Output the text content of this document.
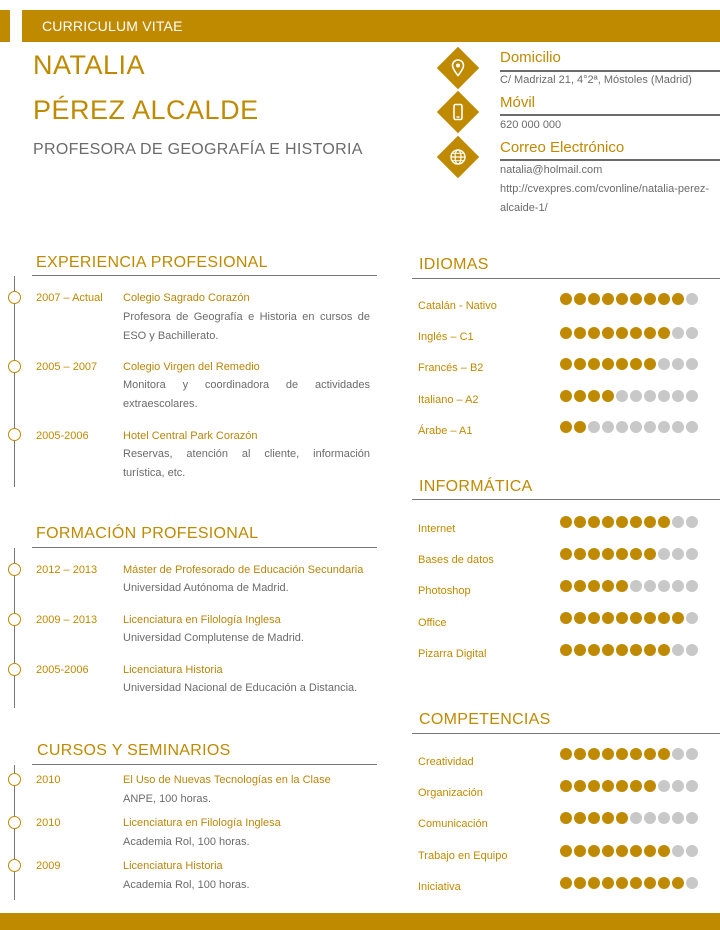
CURRICULUM VITAE
NATALIA
PÉREZ ALCALDE
PROFESORA DE GEOGRAFÍA E HISTORIA
Domicilio
C/ Madrizal 21, 4°2ª, Móstoles (Madrid)
Móvil
620 000 000
Correo Electrónico
natalia@holmail.com
http://cvexpres.com/cvonline/natalia-perez-
alcaide-1/
EXPERIENCIA PROFESIONAL
2007 – Actual Colegio Sagrado Corazón
Profesora de Geografía e Historia en cursos de ESO y Bachillerato.
2005 – 2007 Colegio Virgen del Remedio
Monitora y coordinadora de actividades extraescolares.
2005-2006	Hotel Central Park Corazón
Reservas, atención al cliente, información turística, etc.
FORMACIÓN PROFESIONAL
2012 – 2013 Máster de Profesorado de Educación Secundaria
Universidad Autónoma de Madrid.
2009 – 2013 Licenciatura en Filología Inglesa
Universidad Complutense de Madrid.
2005-2006	Licenciatura Historia
Universidad Nacional de Educación a Distancia.
CURSOS Y SEMINARIOS
2010	El Uso de Nuevas Tecnologías en la Clase
ANPE, 100 horas.
2010	Licenciatura en Filología Inglesa
Academia Rol, 100 horas.
2009	Licenciatura Historia
Academia Rol, 100 horas.
IDIOMAS
Catalán - Nativo
Inglés – C1
Francés – B2
Italiano – A2
Árabe – A1
INFORMÁTICA
Internet
Bases de datos
Photoshop
Office
Pizarra Digital
COMPETENCIAS
Creatividad
Organización
Comunicación
Trabajo en Equipo
Iniciativa
